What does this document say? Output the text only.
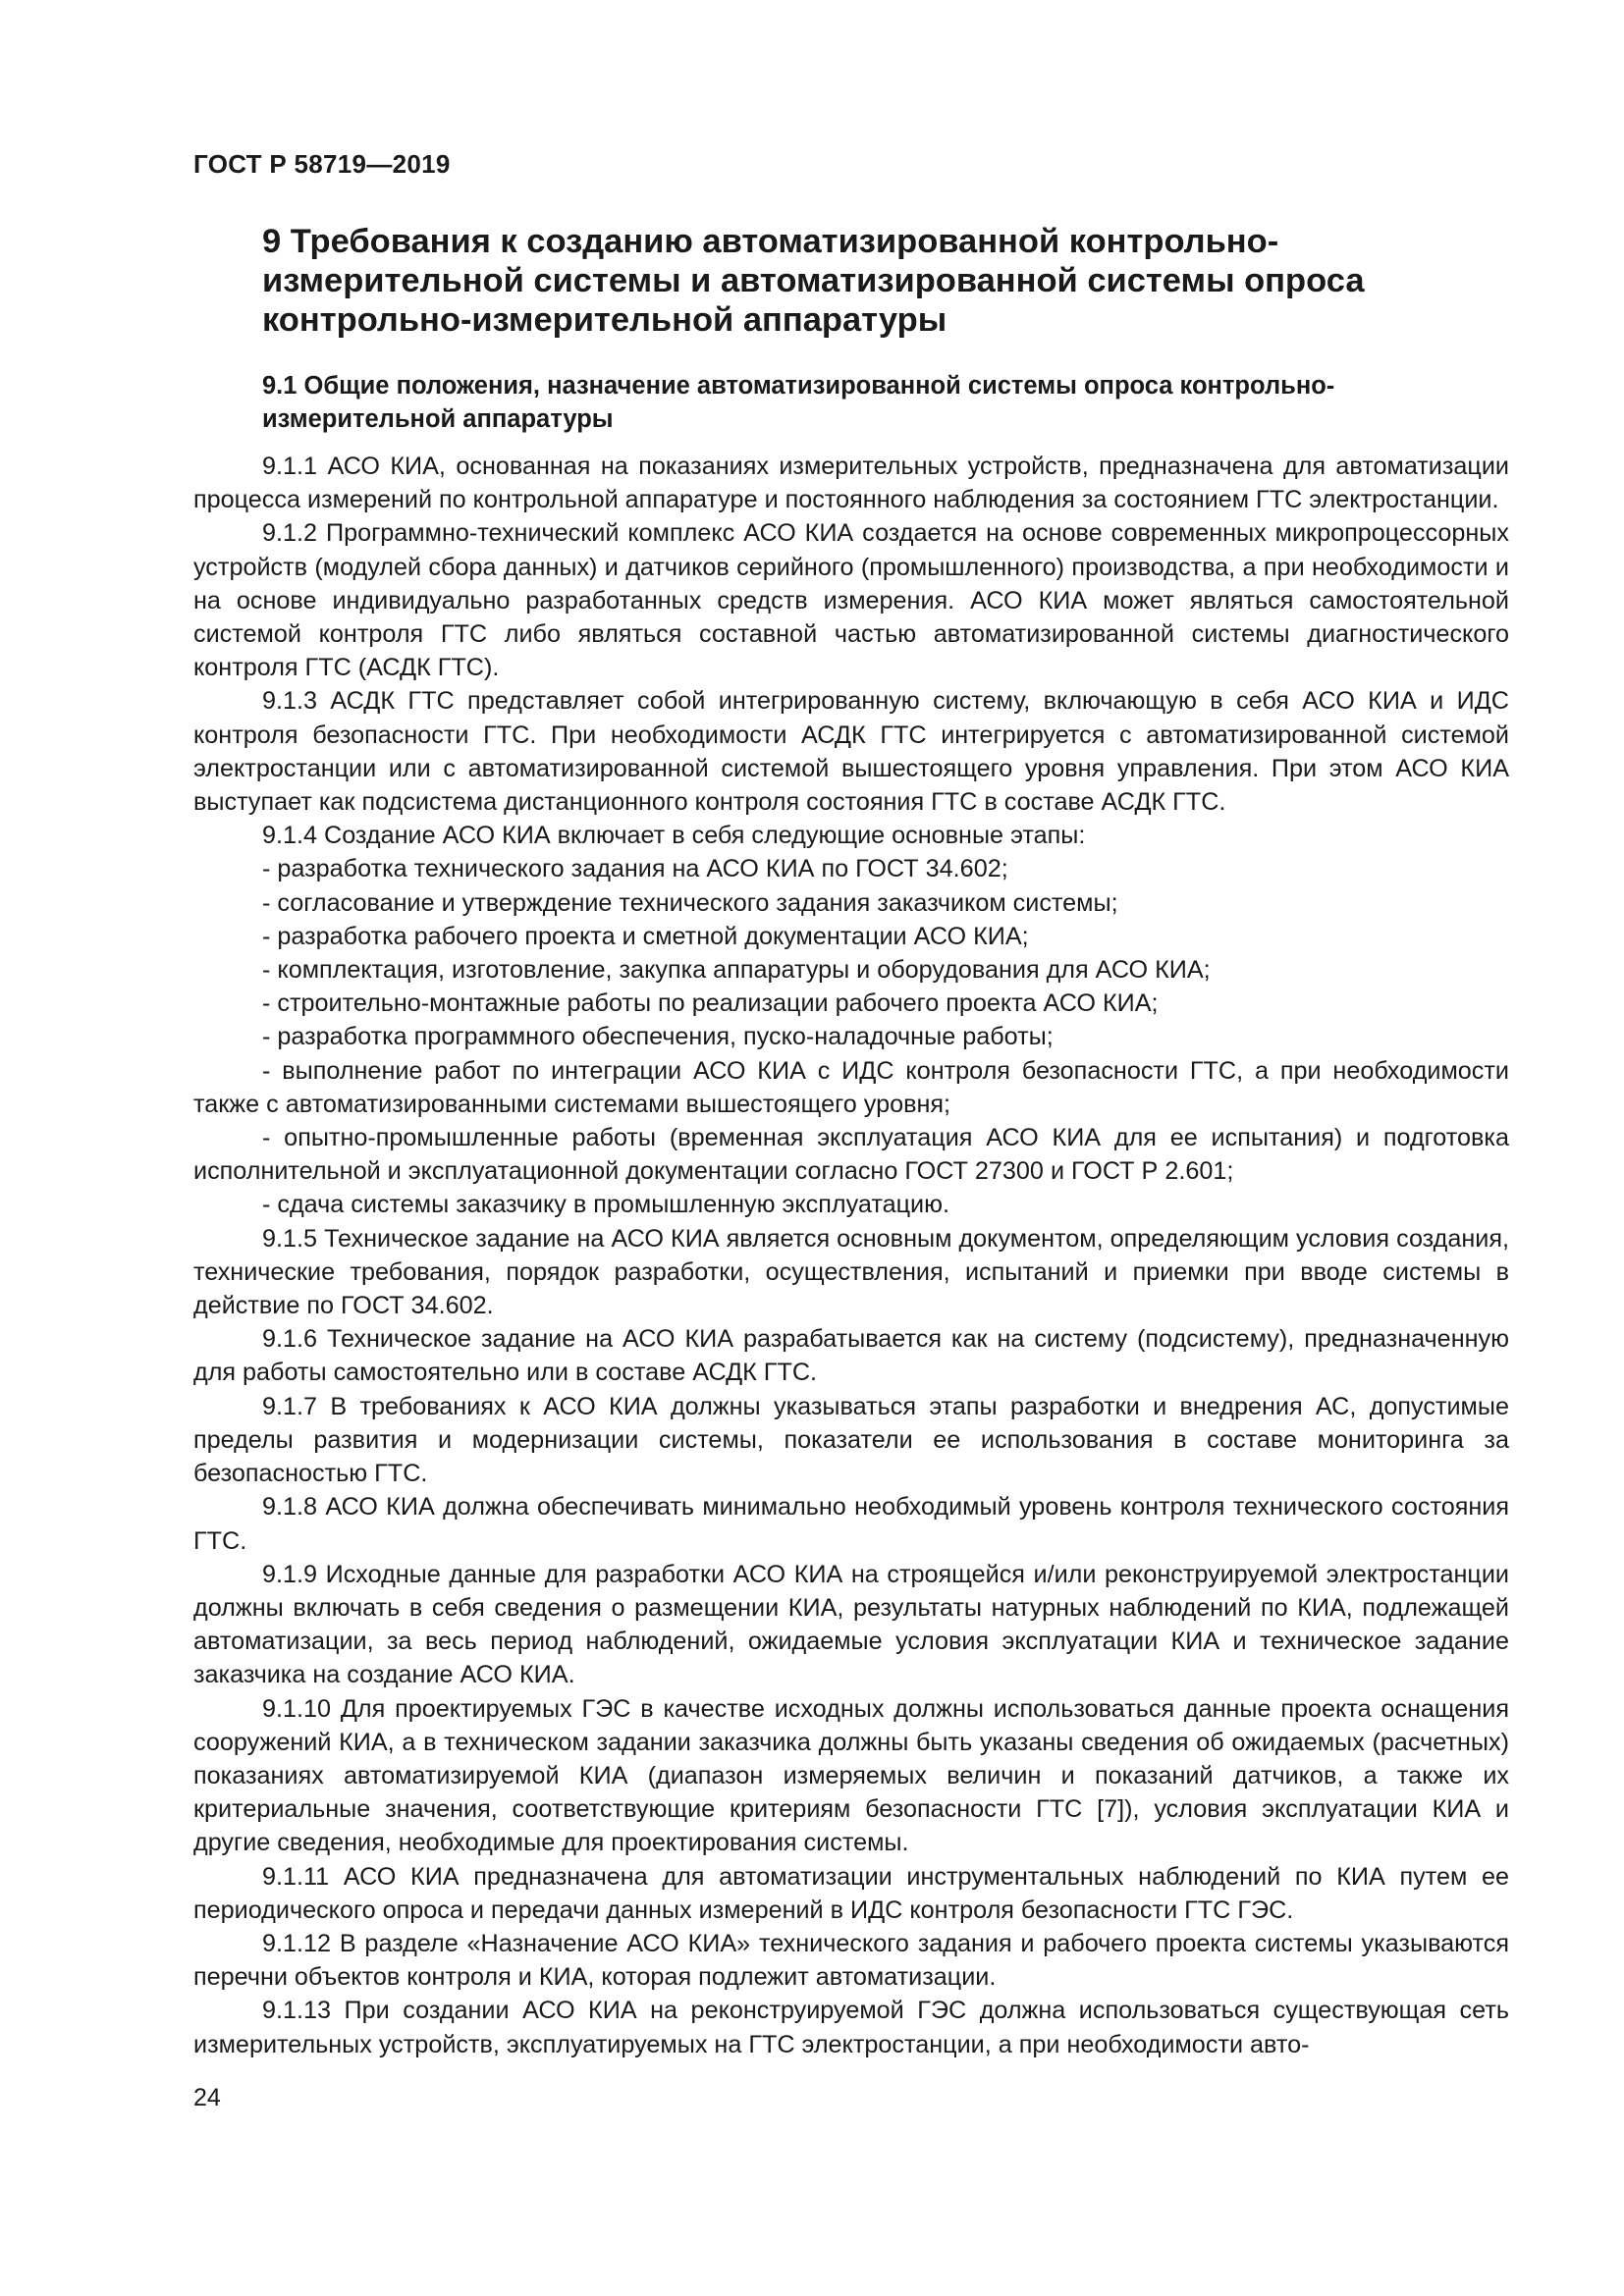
ГОСТ Р 58719—2019
9 Требования к созданию автоматизированной контрольно-измерительной системы и автоматизированной системы опроса контрольно-измерительной аппаратуры
9.1 Общие положения, назначение автоматизированной системы опроса контрольно-измерительной аппаратуры

9.1.1 АСО КИА, основанная на показаниях измерительных устройств, предназначена для автоматизации процесса измерений по контрольной аппаратуре и постоянного наблюдения за состоянием ГТС электростанции.

9.1.2 Программно-технический комплекс АСО КИА создается на основе современных микропроцессорных устройств (модулей сбора данных) и датчиков серийного (промышленного) производства, а при необходимости и на основе индивидуально разработанных средств измерения. АСО КИА может являться самостоятельной системой контроля ГТС либо являться составной частью автоматизированной системы диагностического контроля ГТС (АСДК ГТС).

9.1.3 АСДК ГТС представляет собой интегрированную систему, включающую в себя АСО КИА и ИДС контроля безопасности ГТС. При необходимости АСДК ГТС интегрируется с автоматизированной системой электростанции или с автоматизированной системой вышестоящего уровня управления. При этом АСО КИА выступает как подсистема дистанционного контроля состояния ГТС в составе АСДК ГТС.

9.1.4 Создание АСО КИА включает в себя следующие основные этапы:

- разработка технического задания на АСО КИА по ГОСТ 34.602;

- согласование и утверждение технического задания заказчиком системы;

- разработка рабочего проекта и сметной документации АСО КИА;

- комплектация, изготовление, закупка аппаратуры и оборудования для АСО КИА;

- строительно-монтажные работы по реализации рабочего проекта АСО КИА;

- разработка программного обеспечения, пуско-наладочные работы;

- выполнение работ по интеграции АСО КИА с ИДС контроля безопасности ГТС, а при необходимости также с автоматизированными системами вышестоящего уровня;

- опытно-промышленные работы (временная эксплуатация АСО КИА для ее испытания) и подготовка исполнительной и эксплуатационной документации согласно ГОСТ 27300 и ГОСТ Р 2.601;

- сдача системы заказчику в промышленную эксплуатацию.

9.1.5 Техническое задание на АСО КИА является основным документом, определяющим условия создания, технические требования, порядок разработки, осуществления, испытаний и приемки при вводе системы в действие по ГОСТ 34.602.

9.1.6 Техническое задание на АСО КИА разрабатывается как на систему (подсистему), предназначенную для работы самостоятельно или в составе АСДК ГТС.

9.1.7 В требованиях к АСО КИА должны указываться этапы разработки и внедрения АС, допустимые пределы развития и модернизации системы, показатели ее использования в составе мониторинга за безопасностью ГТС.

9.1.8 АСО КИА должна обеспечивать минимально необходимый уровень контроля технического состояния ГТС.

9.1.9 Исходные данные для разработки АСО КИА на строящейся и/или реконструируемой электростанции должны включать в себя сведения о размещении КИА, результаты натурных наблюдений по КИА, подлежащей автоматизации, за весь период наблюдений, ожидаемые условия эксплуатации КИА и техническое задание заказчика на создание АСО КИА.

9.1.10 Для проектируемых ГЭС в качестве исходных должны использоваться данные проекта оснащения сооружений КИА, а в техническом задании заказчика должны быть указаны сведения об ожидаемых (расчетных) показаниях автоматизируемой КИА (диапазон измеряемых величин и показаний датчиков, а также их критериальные значения, соответствующие критериям безопасности ГТС [7]), условия эксплуатации КИА и другие сведения, необходимые для проектирования системы.

9.1.11 АСО КИА предназначена для автоматизации инструментальных наблюдений по КИА путем ее периодического опроса и передачи данных измерений в ИДС контроля безопасности ГТС ГЭС.

9.1.12 В разделе «Назначение АСО КИА» технического задания и рабочего проекта системы указываются перечни объектов контроля и КИА, которая подлежит автоматизации.

9.1.13 При создании АСО КИА на реконструируемой ГЭС должна использоваться существующая сеть измерительных устройств, эксплуатируемых на ГТС электростанции, а при необходимости авто-

24
